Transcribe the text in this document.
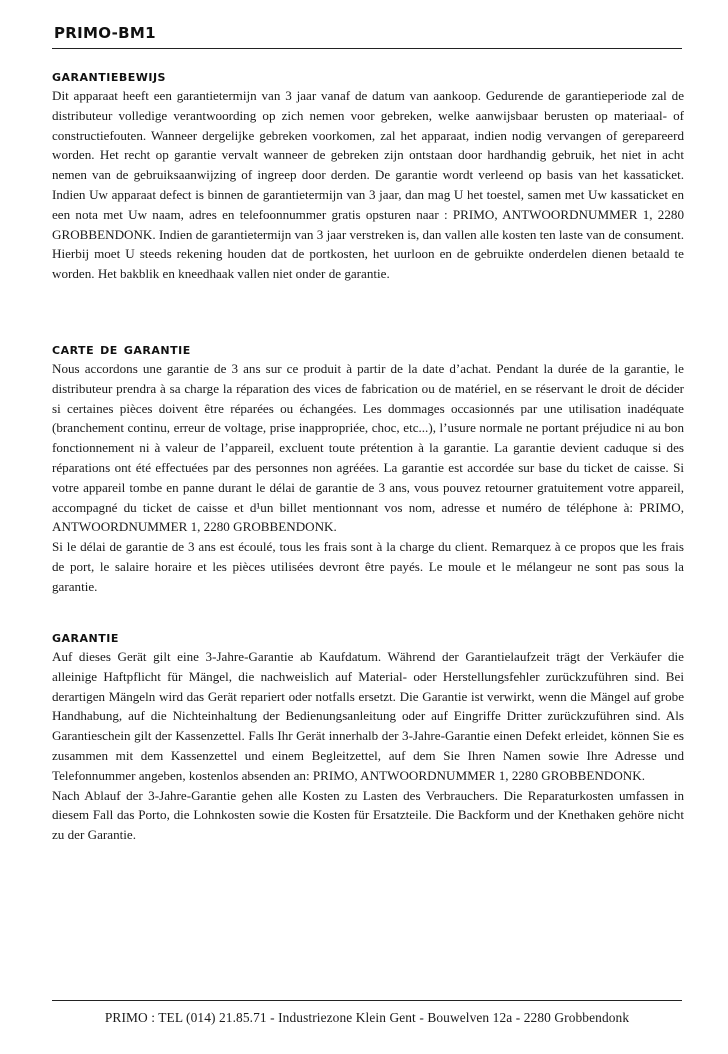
PRIMO-BM1
garantiebewijs

Dit apparaat heeft een garantietermijn van 3 jaar vanaf de datum van aankoop. Gedurende de garantieperiode zal de distributeur volledige verantwoording op zich nemen voor gebreken, welke aanwijsbaar berusten op materiaal- of constructiefouten. Wanneer dergelijke gebreken voorkomen, zal het apparaat, indien nodig vervangen of gerepareerd worden. Het recht op garantie vervalt wanneer de gebreken zijn ontstaan door hardhandig gebruik, het niet in acht nemen van de gebruiksaanwijzing of ingreep door derden. De garantie wordt verleend op basis van het kassaticket. Indien Uw apparaat defect is binnen de garantietermijn van 3 jaar, dan mag U het toestel, samen met Uw kassaticket en een nota met Uw naam, adres en telefoonnummer gratis opsturen naar : PRIMO, ANTWOORDNUMMER 1, 2280 GROBBENDONK. Indien de garantietermijn van 3 jaar verstreken is, dan vallen alle kosten ten laste van de consument. Hierbij moet U steeds rekening houden dat de portkosten, het uurloon en de gebruikte onderdelen dienen betaald te worden. Het bakblik en kneedhaak vallen niet onder de garantie.

carte de garantie

Nous accordons une garantie de 3 ans sur ce produit à partir de la date d’achat. Pendant la durée de la garantie, le distributeur prendra à sa charge la réparation des vices de fabrication ou de matériel, en se réservant le droit de décider si certaines pièces doivent être réparées ou échangées. Les dommages occasionnés par une utilisation inadéquate (branchement continu, erreur de voltage, prise inappropriée, choc, etc...), l’usure normale ne portant préjudice ni au bon fonctionnement ni à valeur de l’appareil, excluent toute prétention à la garantie. La garantie devient caduque si des réparations ont été effectuées par des personnes non agréées. La garantie est accordée sur base du ticket de caisse. Si votre appareil tombe en panne durant le délai de garantie de 3 ans, vous pouvez retourner gratuitement votre appareil, accompagné du ticket de caisse et d¹un billet mentionnant vos nom, adresse et numéro de téléphone à: PRIMO, ANTWOORDNUMMER 1, 2280 GROBBENDONK.

Si le délai de garantie de 3 ans est écoulé, tous les frais sont à la charge du client. Remarquez à ce propos que les frais de port, le salaire horaire et les pièces utilisées devront être payés. Le moule et le mélangeur ne sont pas sous la garantie.

garantie

Auf dieses Gerät gilt eine 3-Jahre-Garantie ab Kaufdatum. Während der Garantielaufzeit trägt der Verkäufer die alleinige Haftpflicht für Mängel, die nachweislich auf Material- oder Herstellungsfehler zurückzuführen sind. Bei derartigen Mängeln wird das Gerät repariert oder notfalls ersetzt. Die Garantie ist verwirkt, wenn die Mängel auf grobe Handhabung, auf die Nichteinhaltung der Bedienungsanleitung oder auf Eingriffe Dritter zurückzuführen sind. Als Garantieschein gilt der Kassenzettel. Falls Ihr Gerät innerhalb der 3-Jahre-Garantie einen Defekt erleidet, können Sie es zusammen mit dem Kassenzettel und einem Begleitzettel, auf dem Sie Ihren Namen sowie Ihre Adresse und Telefonnummer angeben, kostenlos absenden an: PRIMO, ANTWOORDNUMMER 1, 2280 GROBBENDONK.

Nach Ablauf der 3-Jahre-Garantie gehen alle Kosten zu Lasten des Verbrauchers. Die Reparaturkosten umfassen in diesem Fall das Porto, die Lohnkosten sowie die Kosten für Ersatzteile. Die Backform und der Knethaken gehöre nicht zu der Garantie.

PRIMO : TEL (014) 21.85.71 - Industriezone Klein Gent - Bouwelven 12a - 2280 Grobbendonk
